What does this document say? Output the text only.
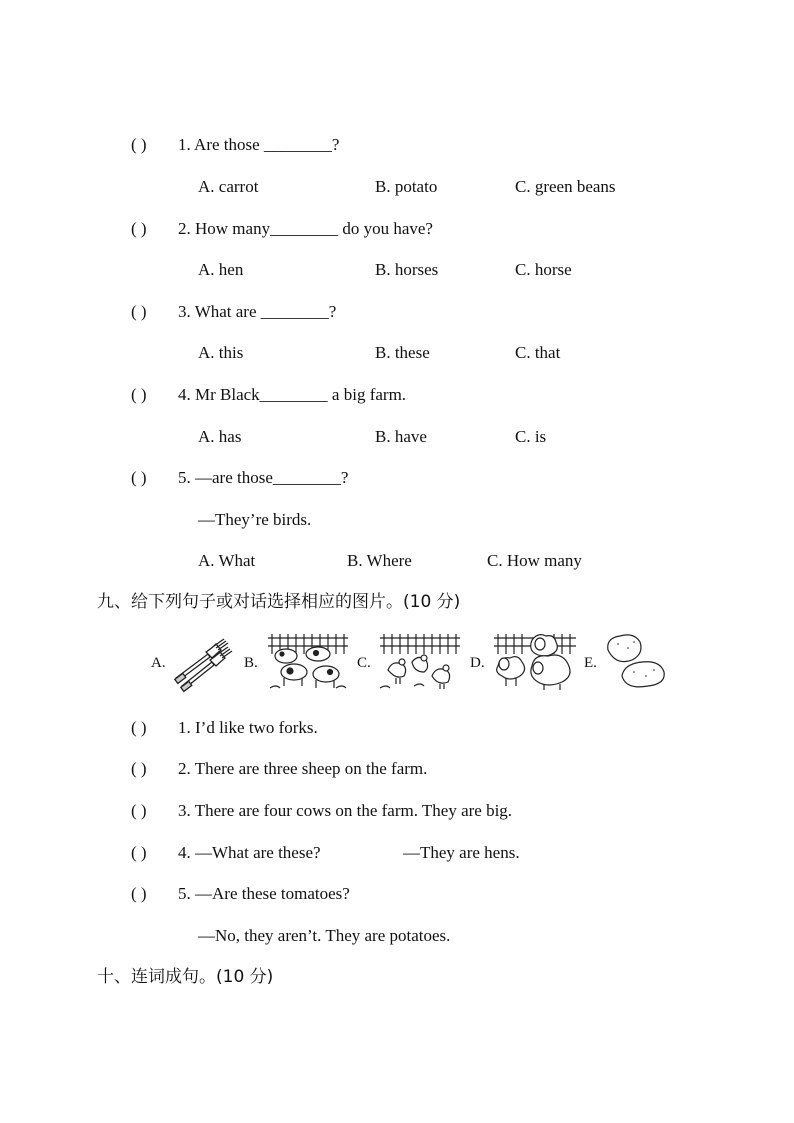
( ) 1. Are those ________?
A. carrot	B. potato	C. green beans
( ) 2. How many________ do you have?
A. hen	B. horses	C. horse
( ) 3. What are ________?
A. this	B. these	C. that
( ) 4. Mr Black________ a big farm.
A. has	B. have	C. is
( ) 5. —are those________?
—They’re birds.
A. What	B. Where	C. How many
九、给下列句子或对话选择相应的图片。(10 分)
A.	B.	C.	D.	E.
( ) 1. I’d like two forks.
( ) 2. There are three sheep on the farm.
( ) 3. There are four cows on the farm. They are big.
( ) 4. —What are these?	—They are hens.
( ) 5. —Are these tomatoes?
—No, they aren’t. They are potatoes.
十、连词成句。(10 分)
